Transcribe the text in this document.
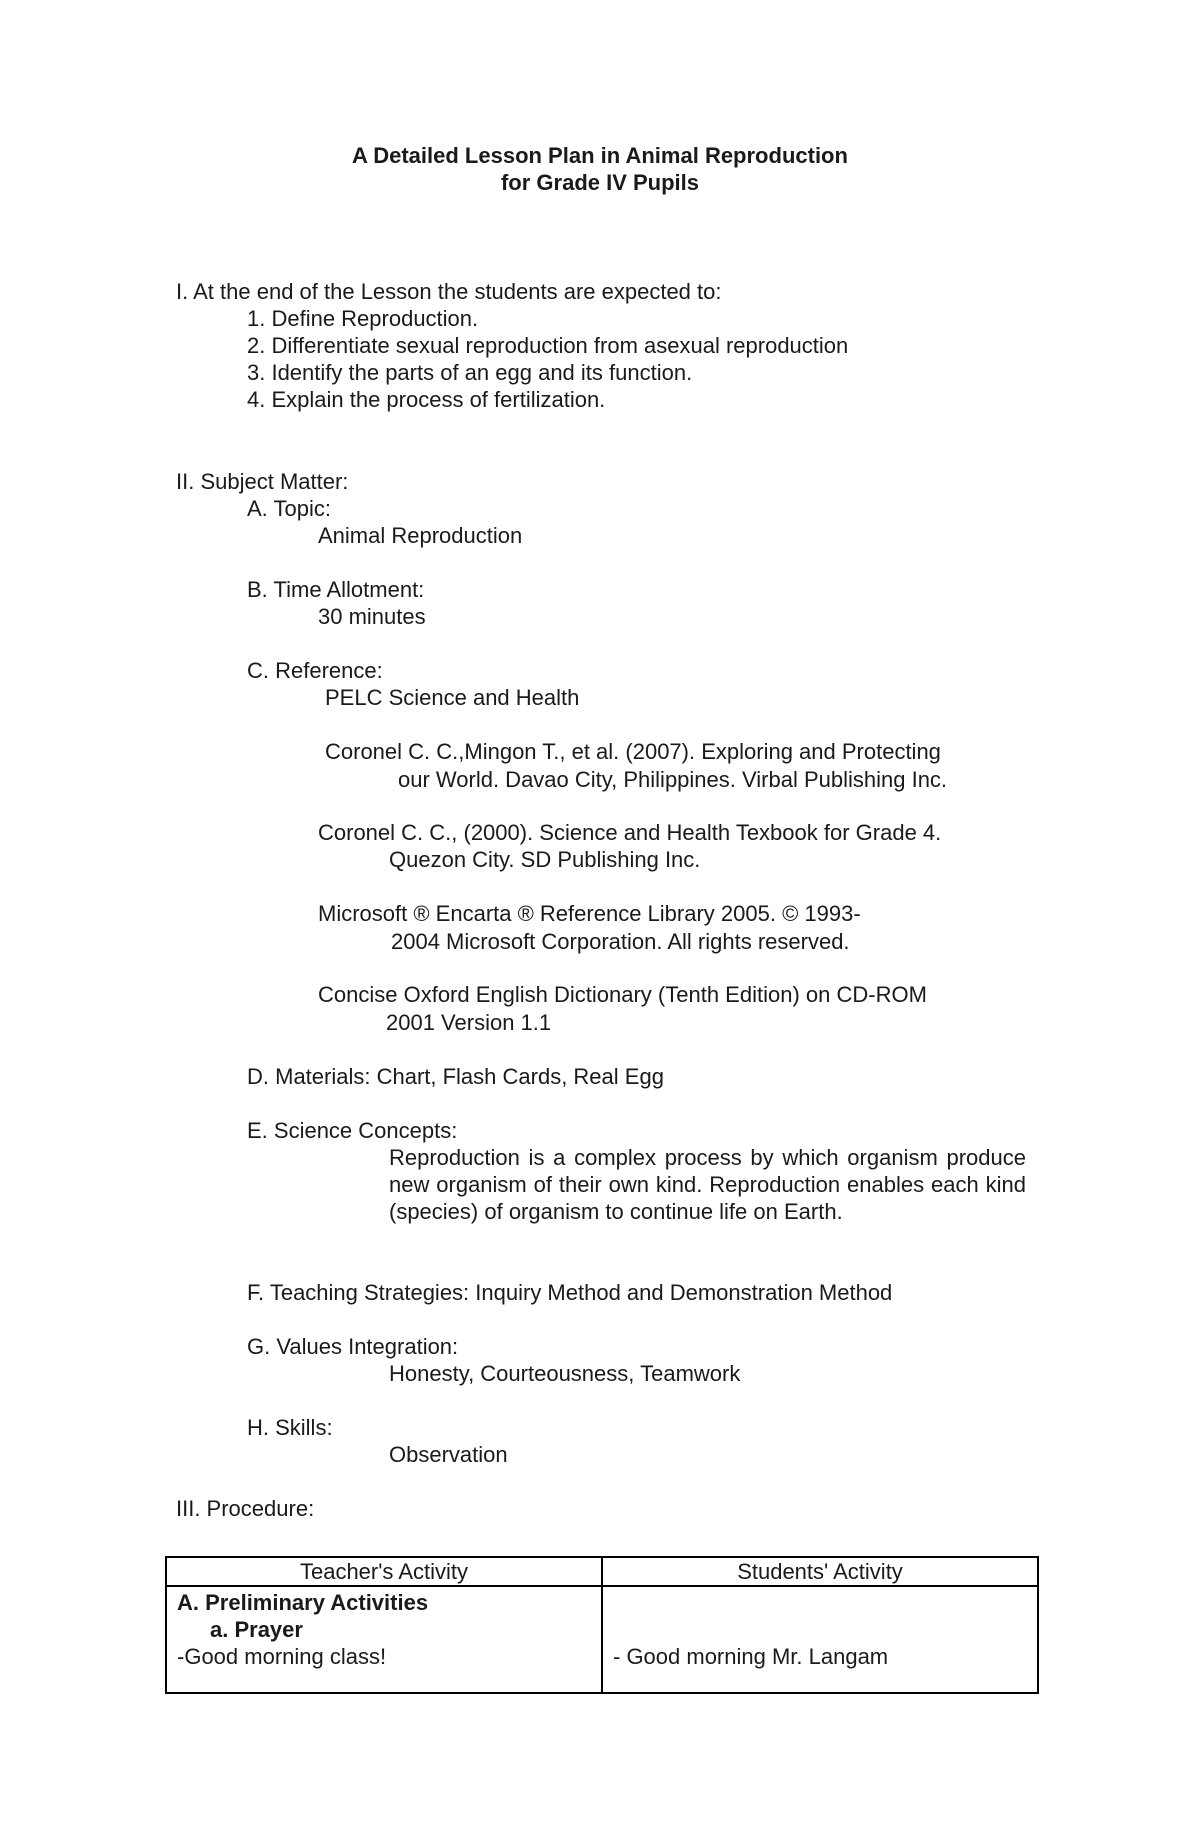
A Detailed Lesson Plan in Animal Reproduction
for Grade IV Pupils
I. At the end of the Lesson the students are expected to:
1. Define Reproduction.
2. Differentiate sexual reproduction from asexual reproduction
3. Identify the parts of an egg and its function.
4. Explain the process of fertilization.
II. Subject Matter:
A. Topic:
Animal Reproduction
B. Time Allotment:
30 minutes
C. Reference:
PELC Science and Health
Coronel C. C.,Mingon T., et al. (2007). Exploring and Protecting
our World. Davao City, Philippines. Virbal Publishing Inc.
Coronel C. C., (2000). Science and Health Texbook for Grade 4.
Quezon City. SD Publishing Inc.
Microsoft ® Encarta ® Reference Library 2005. © 1993-
2004 Microsoft Corporation. All rights reserved.
Concise Oxford English Dictionary (Tenth Edition) on CD-ROM
2001 Version 1.1
D. Materials: Chart, Flash Cards, Real Egg
E. Science Concepts:
Reproduction is a complex process by which organism produce new organism of their own kind. Reproduction enables each kind (species) of organism to continue life on Earth.
F. Teaching Strategies: Inquiry Method and Demonstration Method
G. Values Integration:
Honesty, Courteousness, Teamwork
H. Skills:
Observation
III. Procedure:
Teacher's Activity	Students' Activity
A. Preliminary Activities
a. Prayer
-Good morning class!	- Good morning Mr. Langam
